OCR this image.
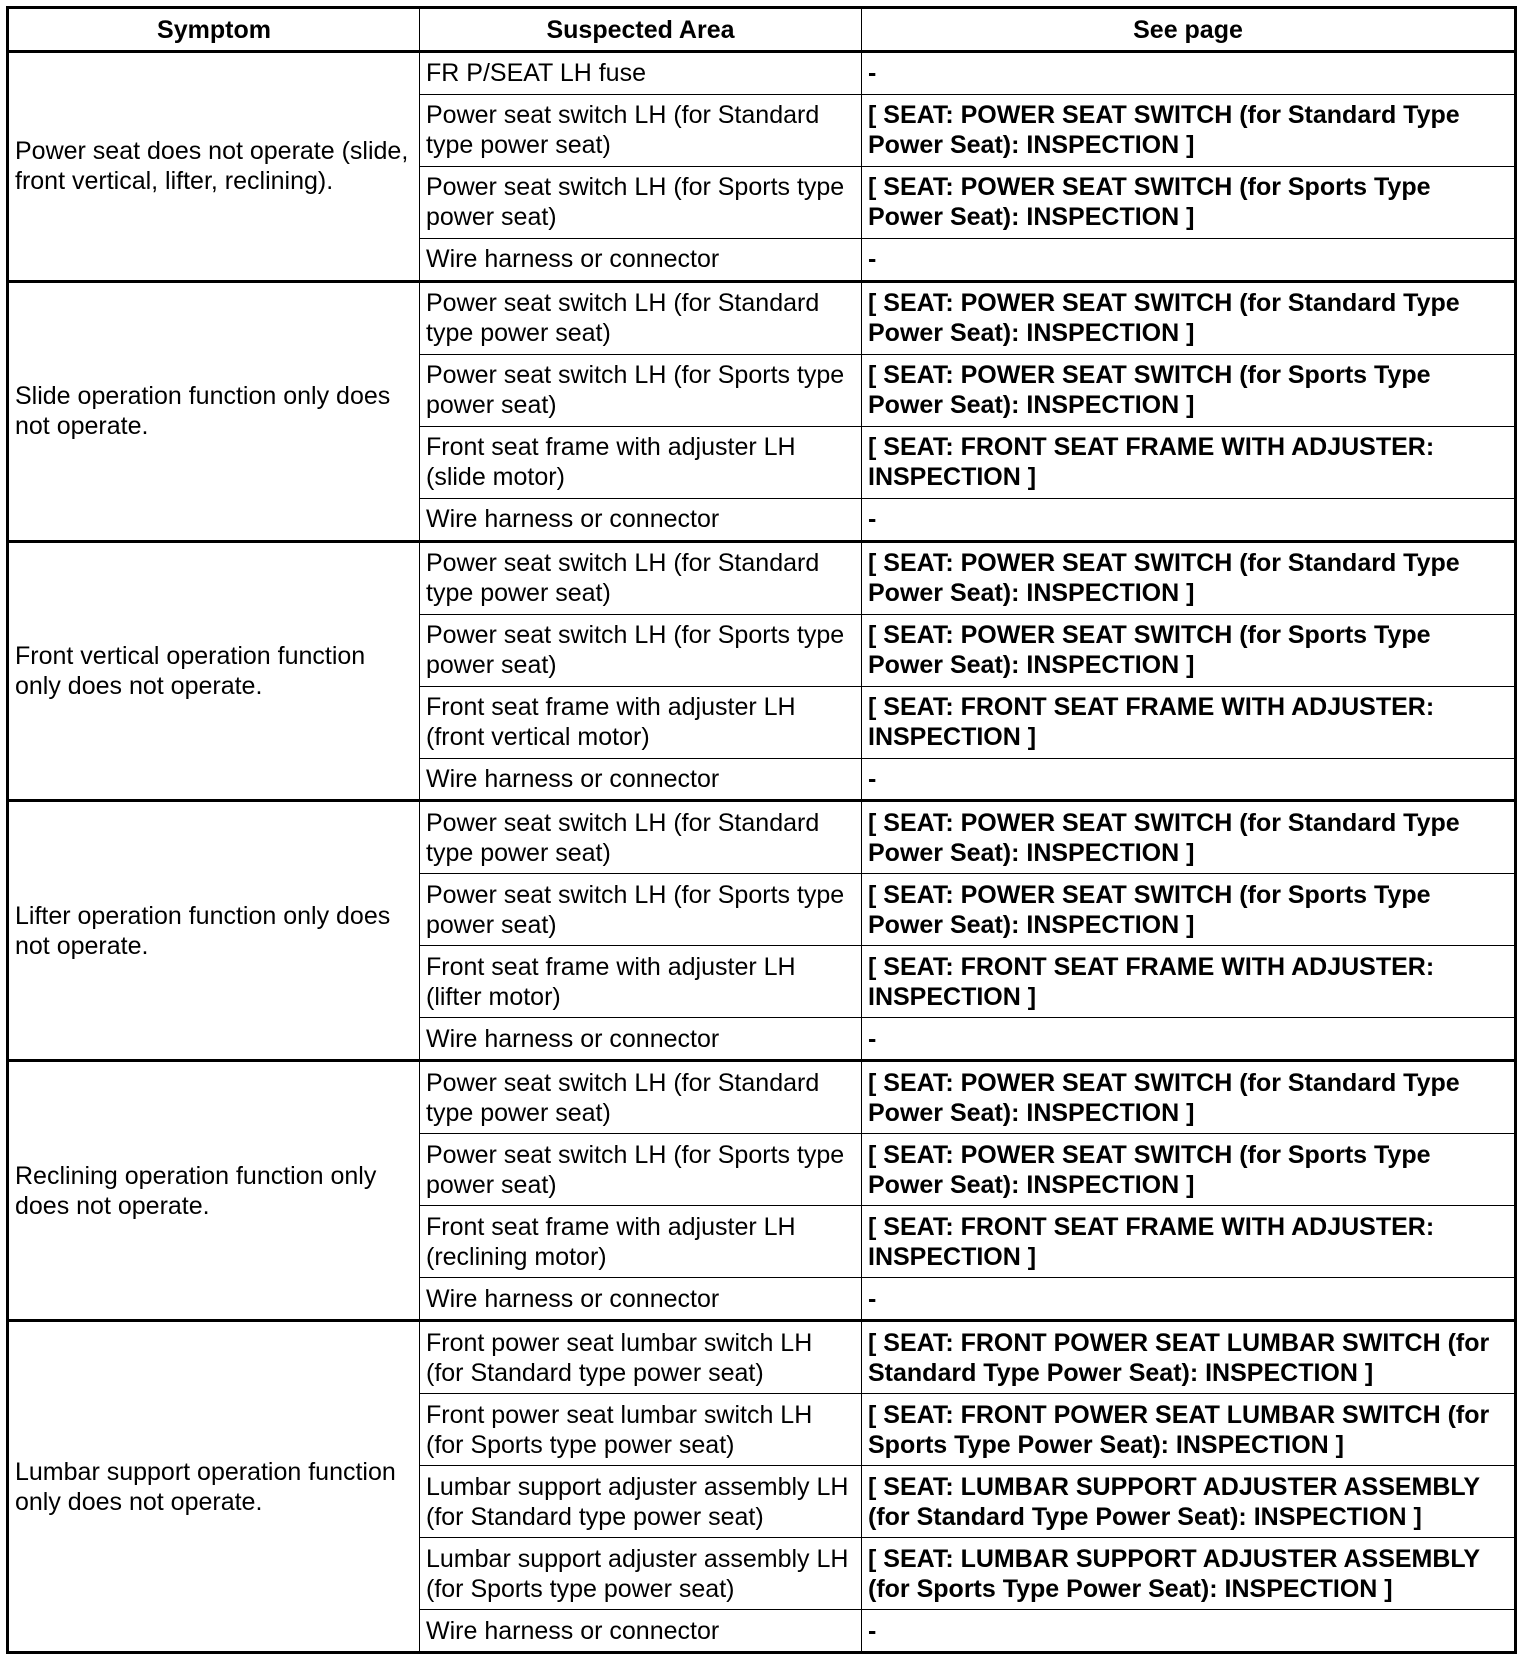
Symptom	Suspected Area	See page
Power seat does not operate (slide, front vertical, lifter, reclining).	FR P/SEAT LH fuse	-
	Power seat switch LH (for Standard type power seat)	[ SEAT: POWER SEAT SWITCH (for Standard Type Power Seat): INSPECTION ]
	Power seat switch LH (for Sports type power seat)	[ SEAT: POWER SEAT SWITCH (for Sports Type Power Seat): INSPECTION ]
	Wire harness or connector	-
Slide operation function only does not operate.	Power seat switch LH (for Standard type power seat)	[ SEAT: POWER SEAT SWITCH (for Standard Type Power Seat): INSPECTION ]
	Power seat switch LH (for Sports type power seat)	[ SEAT: POWER SEAT SWITCH (for Sports Type Power Seat): INSPECTION ]
	Front seat frame with adjuster LH (slide motor)	[ SEAT: FRONT SEAT FRAME WITH ADJUSTER: INSPECTION ]
	Wire harness or connector	-
Front vertical operation function only does not operate.	Power seat switch LH (for Standard type power seat)	[ SEAT: POWER SEAT SWITCH (for Standard Type Power Seat): INSPECTION ]
	Power seat switch LH (for Sports type power seat)	[ SEAT: POWER SEAT SWITCH (for Sports Type Power Seat): INSPECTION ]
	Front seat frame with adjuster LH (front vertical motor)	[ SEAT: FRONT SEAT FRAME WITH ADJUSTER: INSPECTION ]
	Wire harness or connector	-
Lifter operation function only does not operate.	Power seat switch LH (for Standard type power seat)	[ SEAT: POWER SEAT SWITCH (for Standard Type Power Seat): INSPECTION ]
	Power seat switch LH (for Sports type power seat)	[ SEAT: POWER SEAT SWITCH (for Sports Type Power Seat): INSPECTION ]
	Front seat frame with adjuster LH (lifter motor)	[ SEAT: FRONT SEAT FRAME WITH ADJUSTER: INSPECTION ]
	Wire harness or connector	-
Reclining operation function only does not operate.	Power seat switch LH (for Standard type power seat)	[ SEAT: POWER SEAT SWITCH (for Standard Type Power Seat): INSPECTION ]
	Power seat switch LH (for Sports type power seat)	[ SEAT: POWER SEAT SWITCH (for Sports Type Power Seat): INSPECTION ]
	Front seat frame with adjuster LH (reclining motor)	[ SEAT: FRONT SEAT FRAME WITH ADJUSTER: INSPECTION ]
	Wire harness or connector	-
Lumbar support operation function only does not operate.	Front power seat lumbar switch LH (for Standard type power seat)	[ SEAT: FRONT POWER SEAT LUMBAR SWITCH (for Standard Type Power Seat): INSPECTION ]
	Front power seat lumbar switch LH (for Sports type power seat)	[ SEAT: FRONT POWER SEAT LUMBAR SWITCH (for Sports Type Power Seat): INSPECTION ]
	Lumbar support adjuster assembly LH (for Standard type power seat)	[ SEAT: LUMBAR SUPPORT ADJUSTER ASSEMBLY (for Standard Type Power Seat): INSPECTION ]
	Lumbar support adjuster assembly LH (for Sports type power seat)	[ SEAT: LUMBAR SUPPORT ADJUSTER ASSEMBLY (for Sports Type Power Seat): INSPECTION ]
	Wire harness or connector	-
